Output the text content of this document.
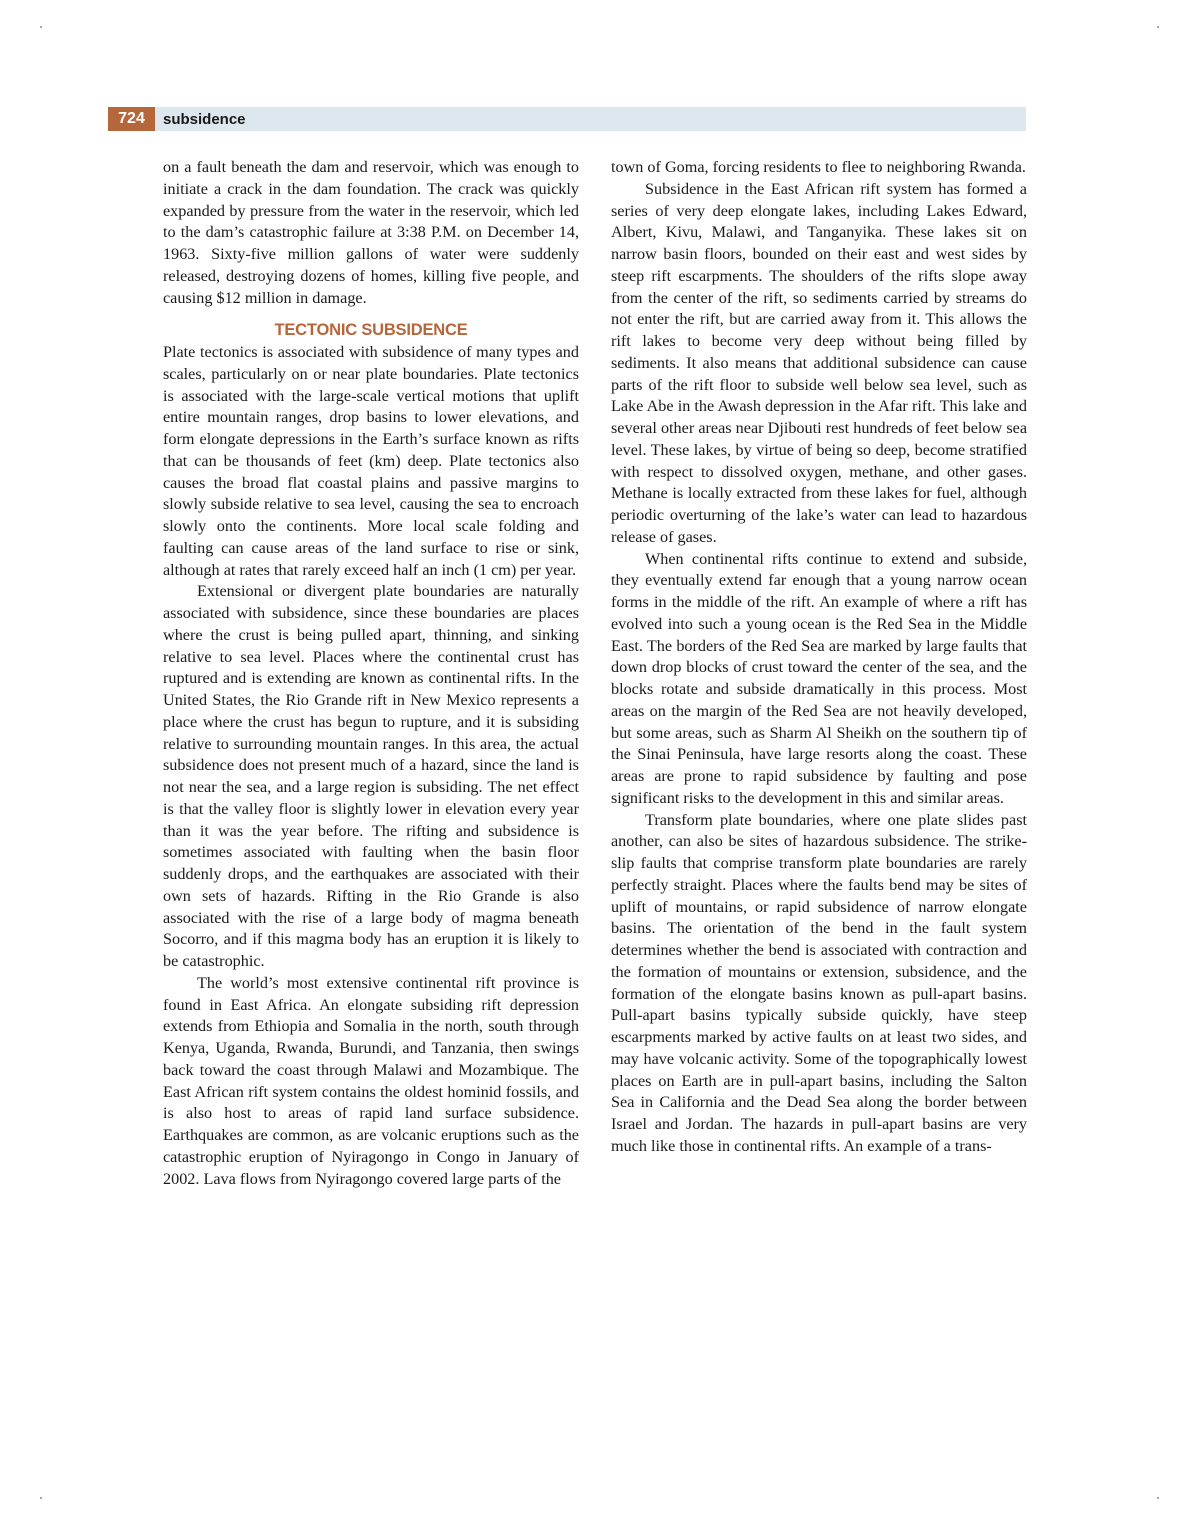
724	subsidence

on a fault beneath the dam and reservoir, which was enough to initiate a crack in the dam foundation. The crack was quickly expanded by pressure from the water in the reservoir, which led to the dam’s catastrophic failure at 3:38 P.M. on December 14, 1963. Sixty-five million gallons of water were suddenly released, destroying dozens of homes, killing five people, and causing $12 million in damage.

TECTONIC SUBSIDENCE

Plate tectonics is associated with subsidence of many types and scales, particularly on or near plate boundaries. Plate tectonics is associated with the large-scale vertical motions that uplift entire mountain ranges, drop basins to lower elevations, and form elongate depressions in the Earth’s surface known as rifts that can be thousands of feet (km) deep. Plate tectonics also causes the broad flat coastal plains and passive margins to slowly subside relative to sea level, causing the sea to encroach slowly onto the continents. More local scale folding and faulting can cause areas of the land surface to rise or sink, although at rates that rarely exceed half an inch (1 cm) per year.

Extensional or divergent plate boundaries are naturally associated with subsidence, since these boundaries are places where the crust is being pulled apart, thinning, and sinking relative to sea level. Places where the continental crust has ruptured and is extending are known as continental rifts. In the United States, the Rio Grande rift in New Mexico represents a place where the crust has begun to rupture, and it is subsiding relative to surrounding mountain ranges. In this area, the actual subsidence does not present much of a hazard, since the land is not near the sea, and a large region is subsiding. The net effect is that the valley floor is slightly lower in elevation every year than it was the year before. The rifting and subsidence is sometimes associated with faulting when the basin floor suddenly drops, and the earthquakes are associated with their own sets of hazards. Rifting in the Rio Grande is also associated with the rise of a large body of magma beneath Socorro, and if this magma body has an eruption it is likely to be catastrophic.

The world’s most extensive continental rift province is found in East Africa. An elongate subsiding rift depression extends from Ethiopia and Somalia in the north, south through Kenya, Uganda, Rwanda, Burundi, and Tanzania, then swings back toward the coast through Malawi and Mozambique. The East African rift system contains the oldest hominid fossils, and is also host to areas of rapid land surface subsidence. Earthquakes are common, as are volcanic eruptions such as the catastrophic eruption of Nyiragongo in Congo in January of 2002. Lava flows from Nyiragongo covered large parts of the

town of Goma, forcing residents to flee to neighboring Rwanda.

Subsidence in the East African rift system has formed a series of very deep elongate lakes, including Lakes Edward, Albert, Kivu, Malawi, and Tanganyika. These lakes sit on narrow basin floors, bounded on their east and west sides by steep rift escarpments. The shoulders of the rifts slope away from the center of the rift, so sediments carried by streams do not enter the rift, but are carried away from it. This allows the rift lakes to become very deep without being filled by sediments. It also means that additional subsidence can cause parts of the rift floor to subside well below sea level, such as Lake Abe in the Awash depression in the Afar rift. This lake and several other areas near Djibouti rest hundreds of feet below sea level. These lakes, by virtue of being so deep, become stratified with respect to dissolved oxygen, methane, and other gases. Methane is locally extracted from these lakes for fuel, although periodic overturning of the lake’s water can lead to hazardous release of gases.

When continental rifts continue to extend and subside, they eventually extend far enough that a young narrow ocean forms in the middle of the rift. An example of where a rift has evolved into such a young ocean is the Red Sea in the Middle East. The borders of the Red Sea are marked by large faults that down drop blocks of crust toward the center of the sea, and the blocks rotate and subside dramatically in this process. Most areas on the margin of the Red Sea are not heavily developed, but some areas, such as Sharm Al Sheikh on the southern tip of the Sinai Peninsula, have large resorts along the coast. These areas are prone to rapid subsidence by faulting and pose significant risks to the development in this and similar areas.

Transform plate boundaries, where one plate slides past another, can also be sites of hazardous subsidence. The strike-slip faults that comprise transform plate boundaries are rarely perfectly straight. Places where the faults bend may be sites of uplift of mountains, or rapid subsidence of narrow elongate basins. The orientation of the bend in the fault system determines whether the bend is associated with contraction and the formation of mountains or extension, subsidence, and the formation of the elongate basins known as pull-apart basins. Pull-apart basins typically subside quickly, have steep escarpments marked by active faults on at least two sides, and may have volcanic activity. Some of the topographically lowest places on Earth are in pull-apart basins, including the Salton Sea in California and the Dead Sea along the border between Israel and Jordan. The hazards in pull-apart basins are very much like those in continental rifts. An example of a trans-
